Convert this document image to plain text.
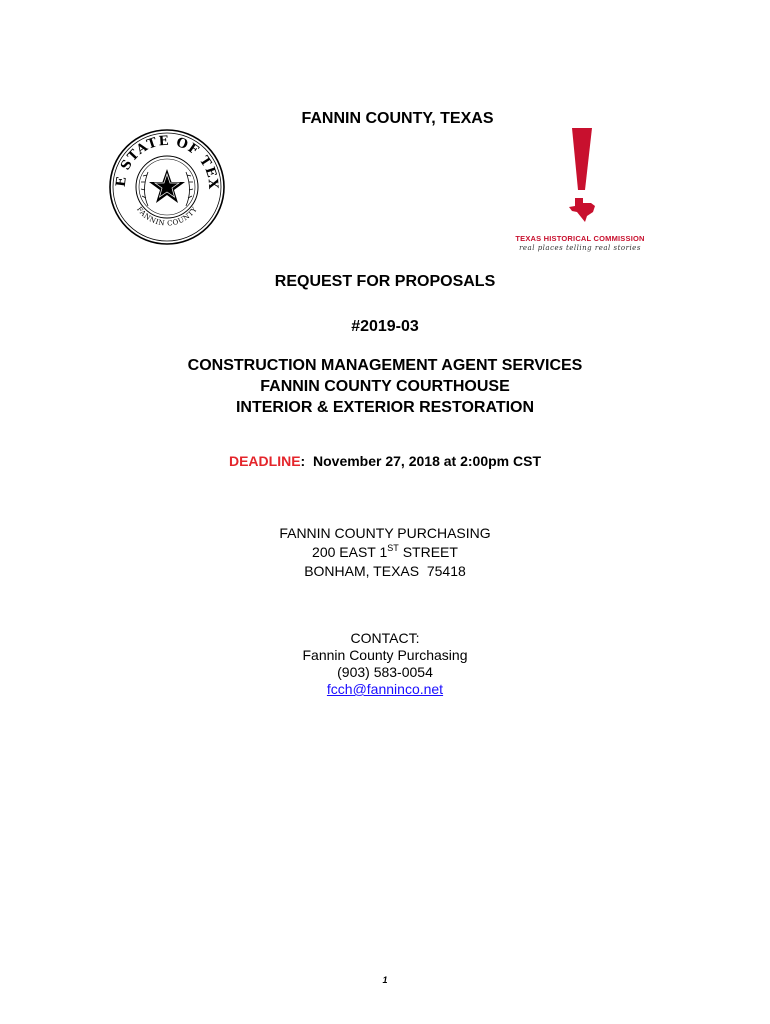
FANNIN COUNTY, TEXAS
E STATE OF TEX
FANNIN COUNTY
TEXAS HISTORICAL COMMISSION
real places telling real stories
REQUEST FOR PROPOSALS
#2019-03
CONSTRUCTION MANAGEMENT AGENT SERVICES
FANNIN COUNTY COURTHOUSE
INTERIOR & EXTERIOR RESTORATION
DEADLINE: November 27, 2018 at 2:00pm CST
FANNIN COUNTY PURCHASING
200 EAST 1ST STREET
BONHAM, TEXAS  75418
CONTACT:
Fannin County Purchasing
(903) 583-0054
fcch@fanninco.net
1
